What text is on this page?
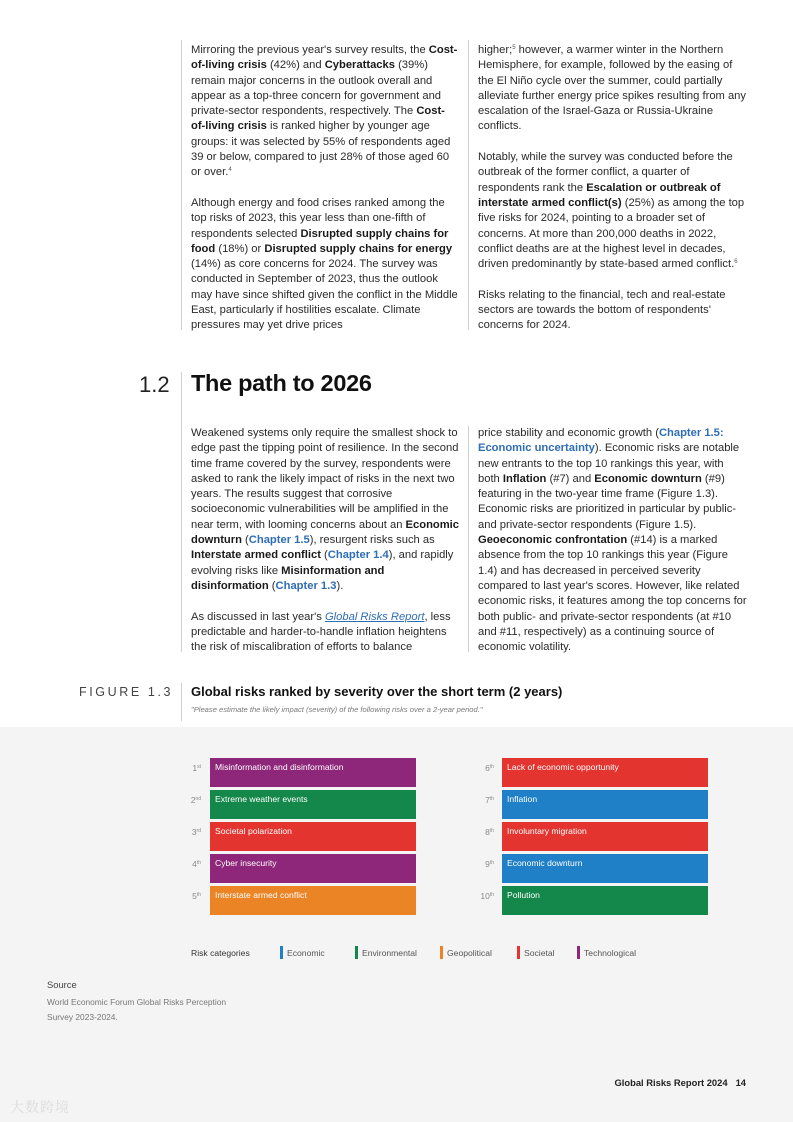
Mirroring the previous year's survey results, the Cost-of-living crisis (42%) and Cyberattacks (39%) remain major concerns in the outlook overall and appear as a top-three concern for government and private-sector respondents, respectively. The Cost-of-living crisis is ranked higher by younger age groups: it was selected by 55% of respondents aged 39 or below, compared to just 28% of those aged 60 or over.$^4$

Although energy and food crises ranked among the top risks of 2023, this year less than one-fifth of respondents selected Disrupted supply chains for food (18%) or Disrupted supply chains for energy (14%) as core concerns for 2024. The survey was conducted in September of 2023, thus the outlook may have since shifted given the conflict in the Middle East, particularly if hostilities escalate. Climate pressures may yet drive prices

higher;$^5$ however, a warmer winter in the Northern Hemisphere, for example, followed by the easing of the El Niño cycle over the summer, could partially alleviate further energy price spikes resulting from any escalation of the Israel-Gaza or Russia-Ukraine conflicts.

Notably, while the survey was conducted before the outbreak of the former conflict, a quarter of respondents rank the Escalation or outbreak of interstate armed conflict(s) (25%) as among the top five risks for 2024, pointing to a broader set of concerns. At more than 200,000 deaths in 2022, conflict deaths are at the highest level in decades, driven predominantly by state-based armed conflict.$^6$

Risks relating to the financial, tech and real-estate sectors are towards the bottom of respondents' concerns for 2024.

1.2 The path to 2026

Weakened systems only require the smallest shock to edge past the tipping point of resilience. In the second time frame covered by the survey, respondents were asked to rank the likely impact of risks in the next two years. The results suggest that corrosive socioeconomic vulnerabilities will be amplified in the near term, with looming concerns about an Economic downturn (Chapter 1.5), resurgent risks such as Interstate armed conflict (Chapter 1.4), and rapidly evolving risks like Misinformation and disinformation (Chapter 1.3).

As discussed in last year's Global Risks Report, less predictable and harder-to-handle inflation heightens the risk of miscalibration of efforts to balance

price stability and economic growth (Chapter 1.5: Economic uncertainty). Economic risks are notable new entrants to the top 10 rankings this year, with both Inflation (#7) and Economic downturn (#9) featuring in the two-year time frame (Figure 1.3). Economic risks are prioritized in particular by public- and private-sector respondents (Figure 1.5). Geoeconomic confrontation (#14) is a marked absence from the top 10 rankings this year (Figure 1.4) and has decreased in perceived severity compared to last year's scores. However, like related economic risks, it features among the top concerns for both public- and private-sector respondents (at #10 and #11, respectively) as a continuing source of economic volatility.

FIGURE 1.3 Global risks ranked by severity over the short term (2 years)
"Please estimate the likely impact (severity) of the following risks over a 2-year period."
1st	Misinformation and disinformation
2nd	Extreme weather events
3rd	Societal polarization
4th	Cyber insecurity
5th	Interstate armed conflict
6th	Lack of economic opportunity
7th	Inflation
8th	Involuntary migration
9th	Economic downturn
10th	Pollution
Risk categories	Economic	Environmental	Geopolitical	Societal	Technological
Source
World Economic Forum Global Risks Perception Survey 2023-2024.
Global Risks Report 2024 14
大数跨境
